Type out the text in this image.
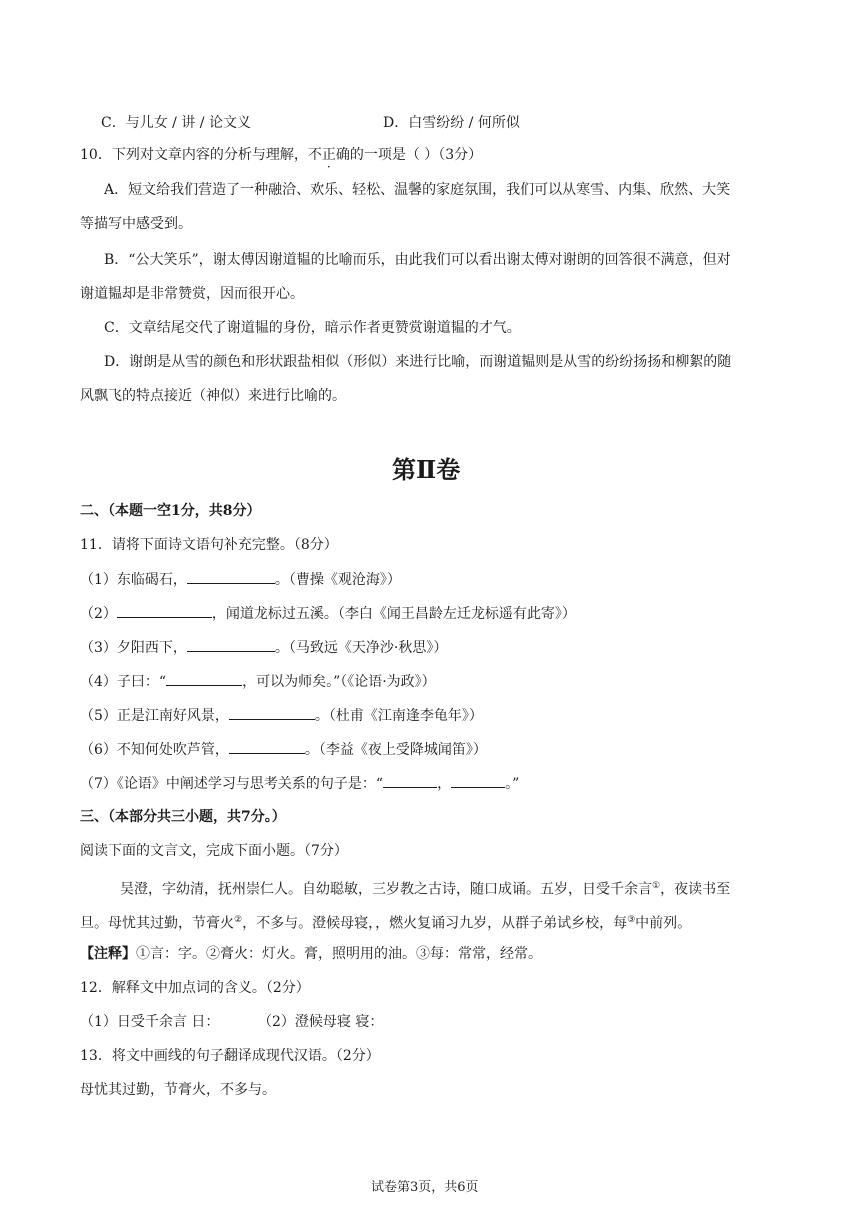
C．与儿女 / 讲 / 论文义	D．白雪纷纷 / 何所似
10．下列对文章内容的分析与理解，不正确的一项是（ ）（3分）
A．短文给我们营造了一种融洽、欢乐、轻松、温馨的家庭氛围，我们可以从寒雪、内集、欣然、大笑
等描写中感受到。
B．“公大笑乐”，谢太傅因谢道韫的比喻而乐，由此我们可以看出谢太傅对谢朗的回答很不满意，但对
谢道韫却是非常赞赏，因而很开心。
C．文章结尾交代了谢道韫的身份，暗示作者更赞赏谢道韫的才气。
D．谢朗是从雪的颜色和形状跟盐相似（形似）来进行比喻，而谢道韫则是从雪的纷纷扬扬和柳絮的随
风飘飞的特点接近（神似）来进行比喻的。
第Ⅱ卷
二、（本题一空1分，共8分）
11．请将下面诗文语句补充完整。（8分）
（1）东临碣石，	。（曹操《观沧海》）
（2）	，闻道龙标过五溪。（李白《闻王昌龄左迁龙标遥有此寄》）
（3）夕阳西下，	。（马致远《天净沙·秋思》）
（4）子曰：“	，可以为师矣。”（《论语·为政》）
（5）正是江南好风景，	。（杜甫《江南逢李龟年》）
（6）不知何处吹芦管，	。（李益《夜上受降城闻笛》）
（7）《论语》中阐述学习与思考关系的句子是：“	，	。”
三、（本部分共三小题，共7分。）
阅读下面的文言文，完成下面小题。（7分）
吴澄，字幼清，抚州崇仁人。自幼聪敏，三岁教之古诗，随口成诵。五岁，日受千余言①，夜读书至
旦。母忧其过勤，节膏火②，不多与。澄候母寝，，燃火复诵习九岁，从群子弟试乡校，每③中前列。
【注释】①言：字。②膏火：灯火。膏，照明用的油。③每：常常，经常。
12．解释文中加点词的含义。（2分）
（1）日受千余言 日：	（2）澄候母寝 寝：
13．将文中画线的句子翻译成现代汉语。（2分）
母忧其过勤，节膏火，不多与。
试卷第3页，共6页
